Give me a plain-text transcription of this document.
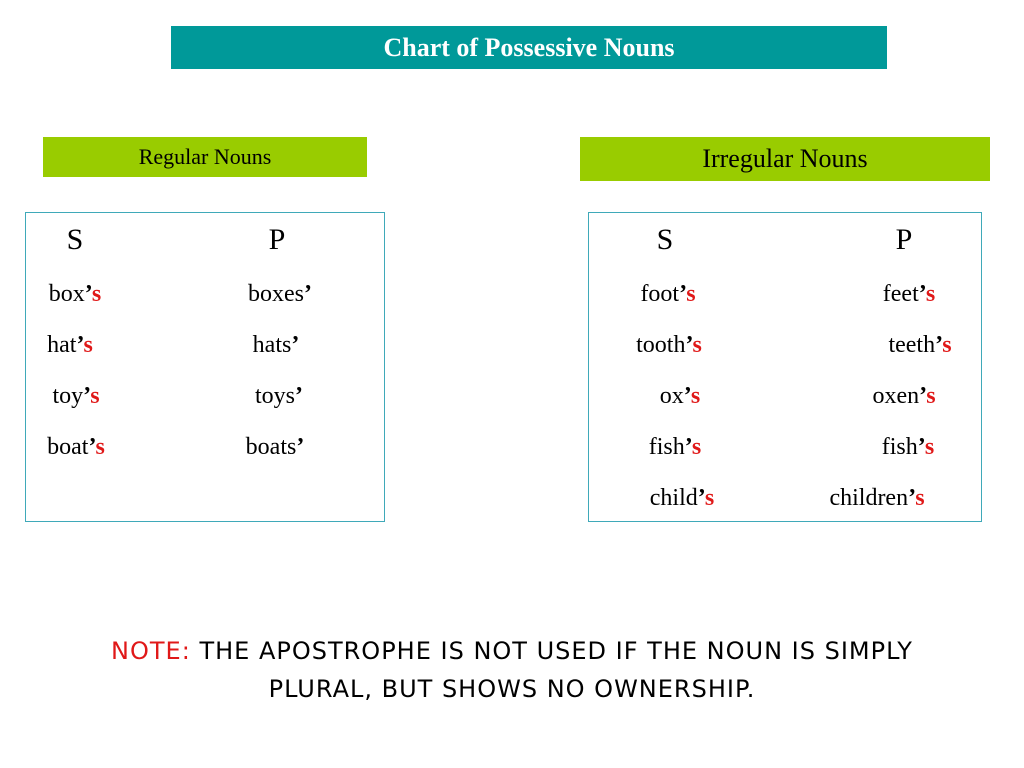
Chart of Possessive Nouns
Regular Nouns	Irregular Nouns
S	P
box’s	boxes’
hat’s	hats’
toy’s	toys’
boat’s	boats’
S	P
foot’s	feet’s
tooth’s	teeth’s
ox’s	oxen’s
fish’s	fish’s
child’s	children’s
NOTE: THE APOSTROPHE IS NOT USED IF THE NOUN IS SIMPLY PLURAL, BUT SHOWS NO OWNERSHIP.
